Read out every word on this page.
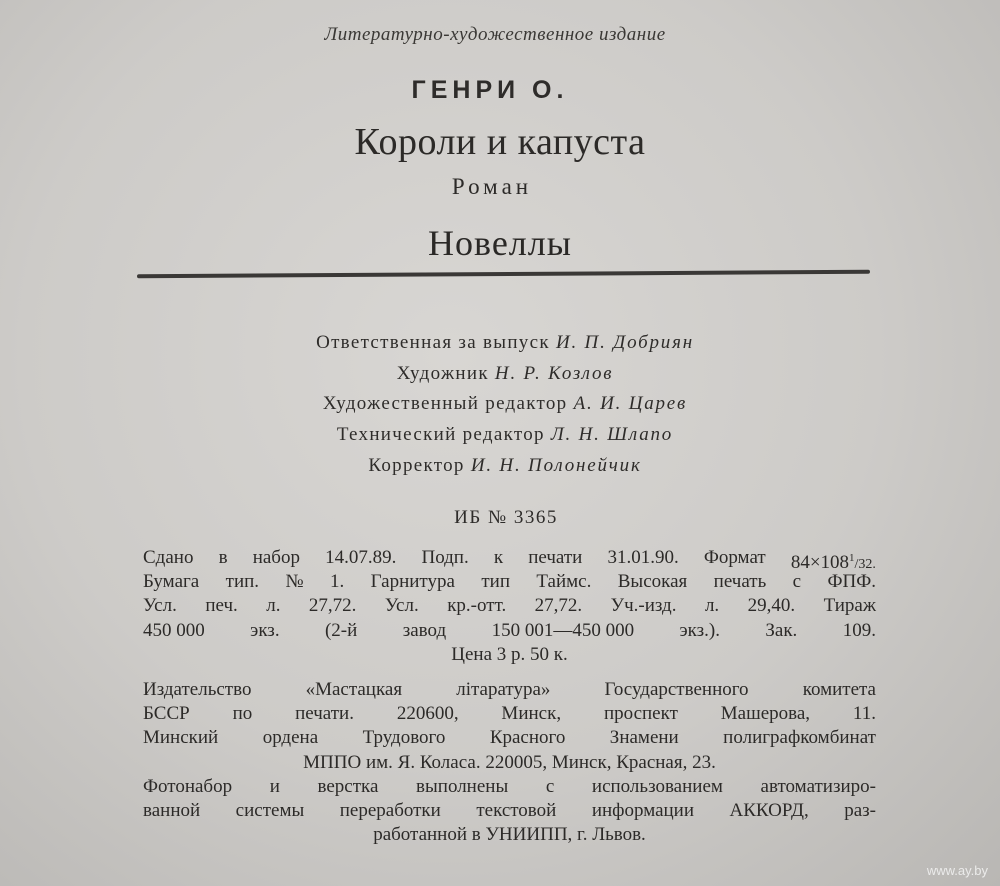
Литературно-художественное издание
ГЕНРИ О.
Короли и капуста
Роман
Новеллы
Ответственная за выпуск И. П. Добриян
Художник Н. Р. Козлов
Художественный редактор А. И. Царев
Технический редактор Л. Н. Шлапо
Корректор И. Н. Полонейчик
ИБ № 3365
Сдано в набор 14.07.89. Подп. к печати 31.01.90. Формат $84\times 108^1/32$.
Бумага тип. № 1. Гарнитура тип Таймс. Высокая печать с ФПФ.
Усл. печ. л. 27,72. Усл. кр.-отт. 27,72. Уч.-изд. л. 29,40. Тираж
450 000 экз. (2-й завод 150 001—450 000 экз.). Зак. 109.
Цена 3 р. 50 к.
Издательство	«Мастацкая	літаратура»	Государственного	комитета
БССР по печати. 220600, Минск, проспект Машерова, 11.
Минский ордена Трудового Красного Знамени полиграфкомбинат
МППО им. Я. Коласа. 220005, Минск, Красная, 23.
Фотонабор и верстка выполнены с использованием автоматизиро-
ванной системы переработки текстовой информации АККОРД, раз-
работанной в УНИИПП, г. Львов.
www.ay.by
